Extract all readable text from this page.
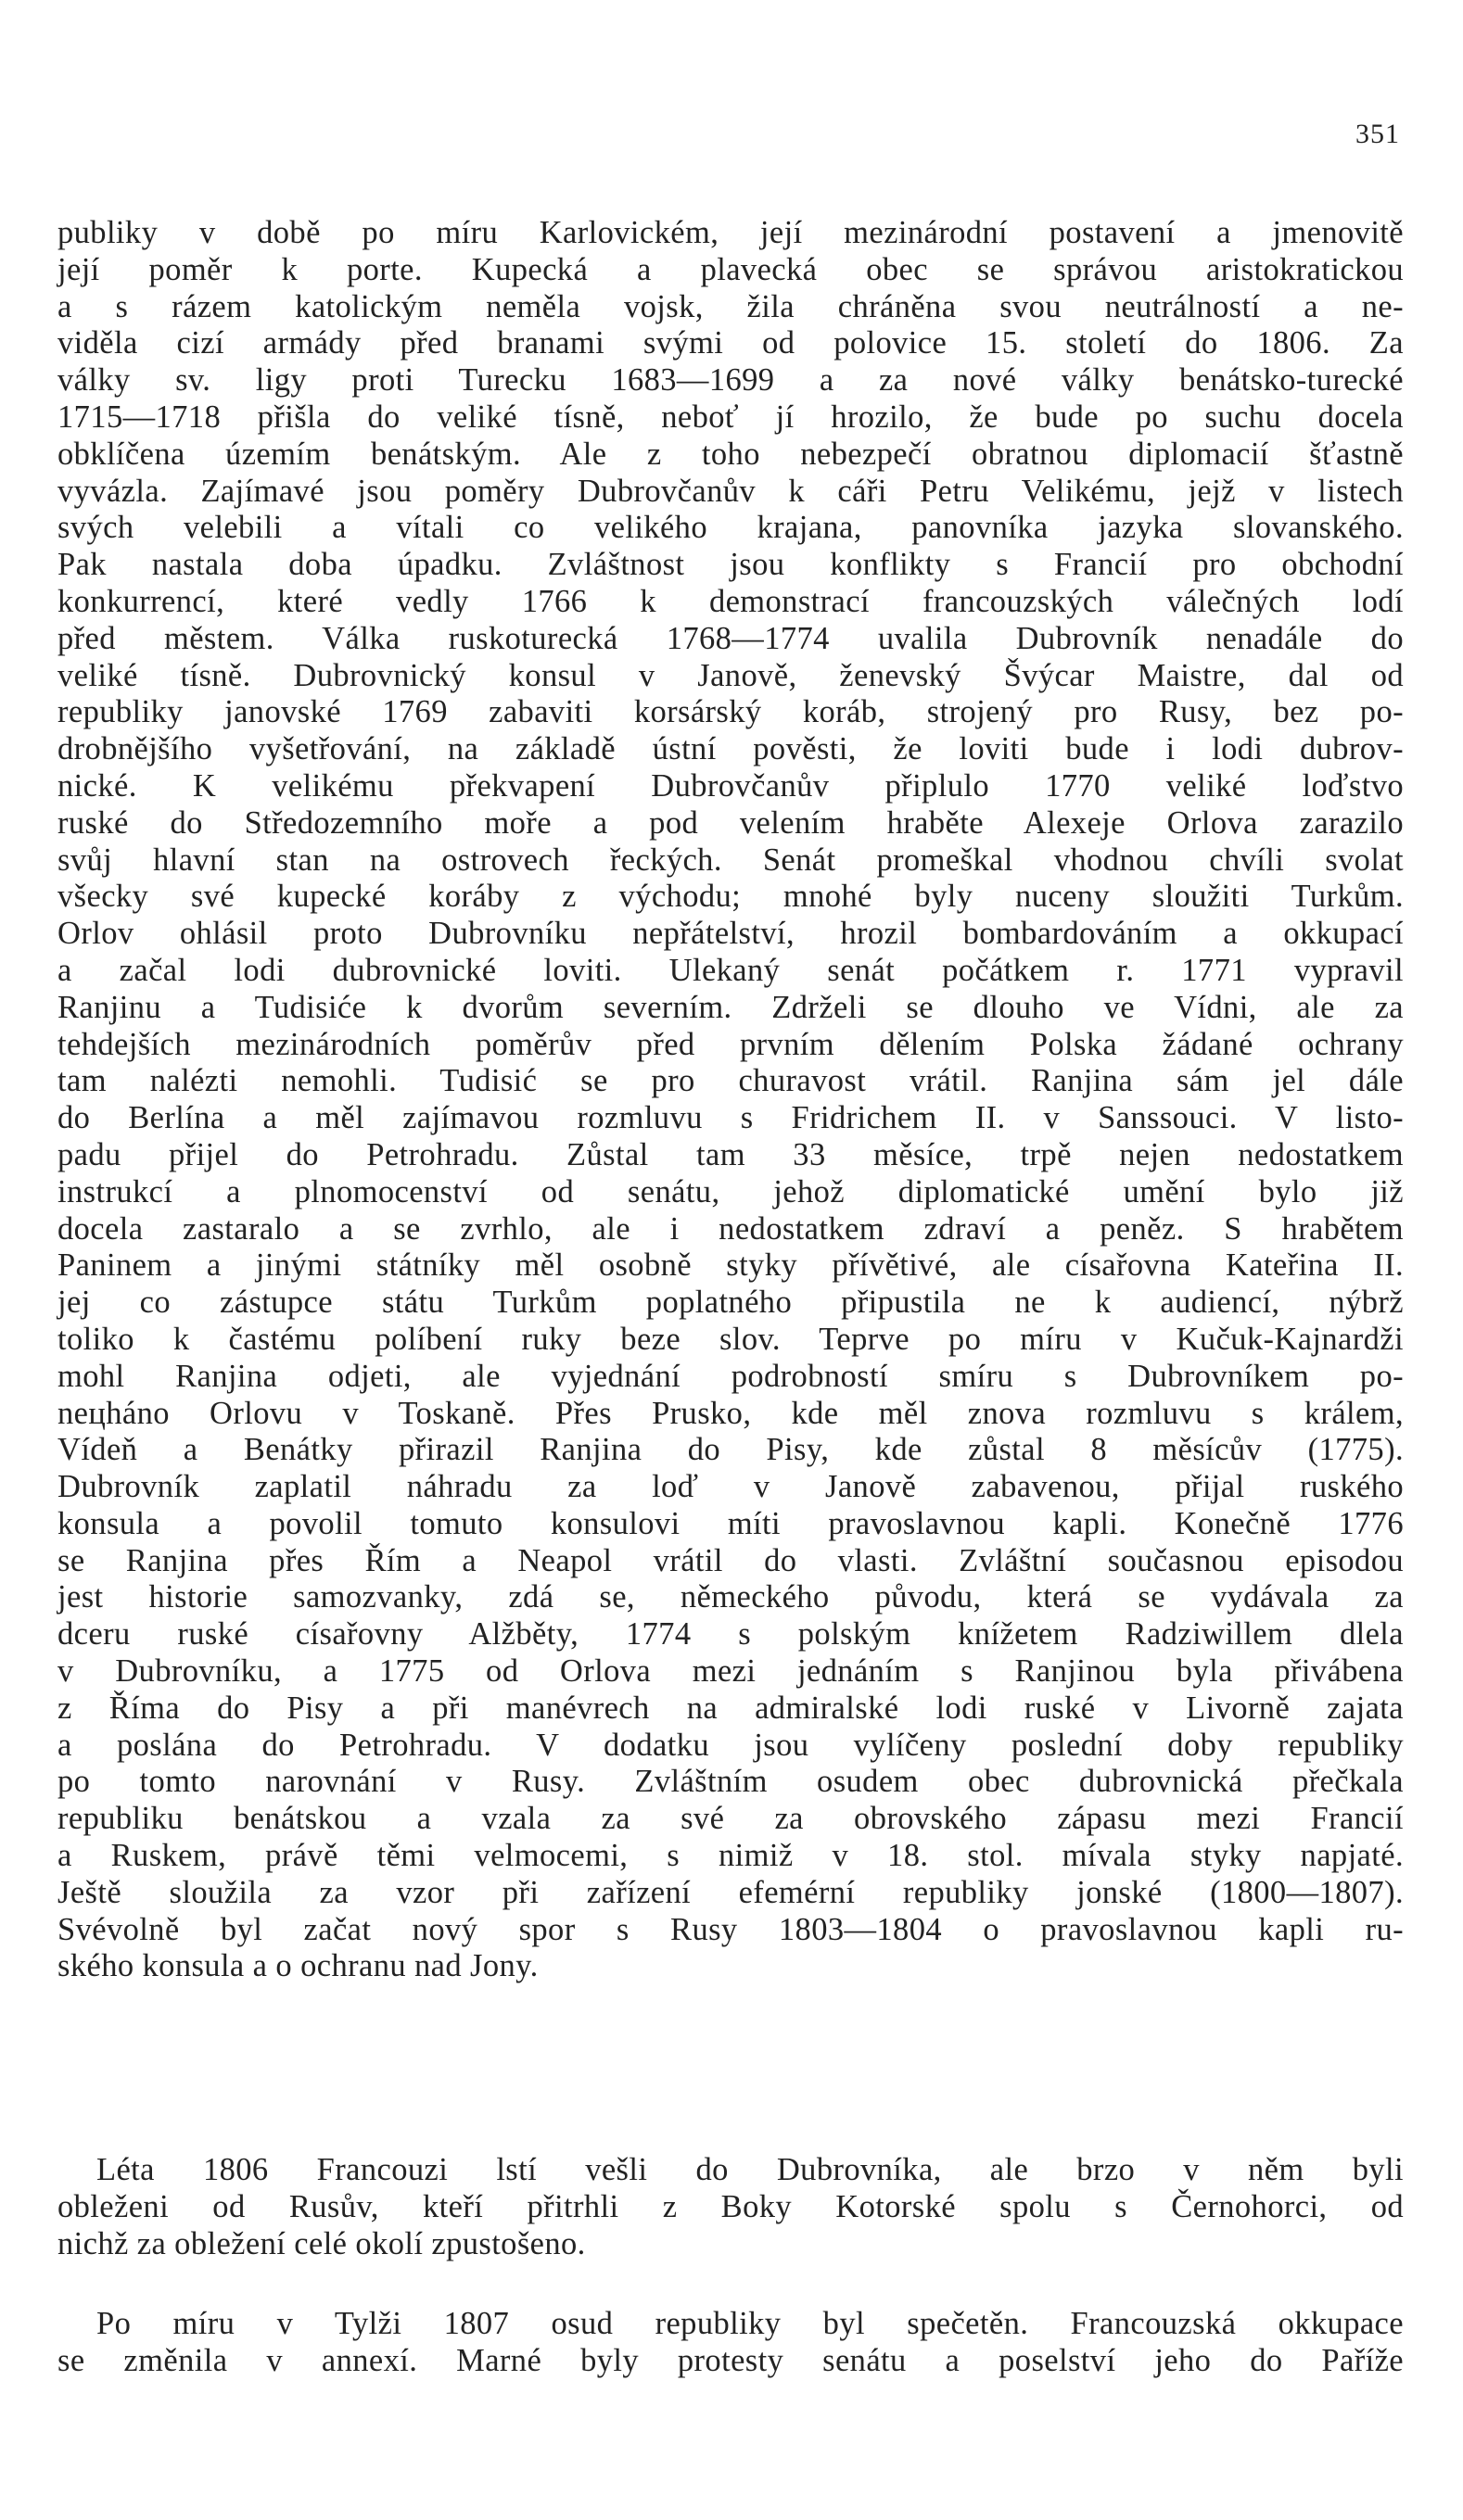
351
publiky v době po míru Karlovickém, její mezinárodní postavení a jmenovitě
její poměr k porte. Kupecká a plavecká obec se správou aristokratickou
a s rázem katolickým neměla vojsk, žila chráněna svou neutrálností a ne-
viděla cizí armády před branami svými od polovice 15. století do 1806. Za
války sv. ligy proti Turecku 1683—1699 a za nové války benátsko-turecké
1715—1718 přišla do veliké tísně, neboť jí hrozilo, že bude po suchu docela
obklíčena územím benátským. Ale z toho nebezpečí obratnou diplomacií šťastně
vyvázla. Zajímavé jsou poměry Dubrovčanův k cáři Petru Velikému, jejž v listech
svých velebili a vítali co velikého krajana, panovníka jazyka slovanského.
Pak nastala doba úpadku. Zvláštnost jsou konflikty s Francií pro obchodní
konkurrencí, které vedly 1766 k demonstrací francouzských válečných lodí
před městem. Válka ruskoturecká 1768—1774 uvalila Dubrovník nenadále do
veliké tísně. Dubrovnický konsul v Janově, ženevský Švýcar Maistre, dal od
republiky janovské 1769 zabaviti korsárský koráb, strojený pro Rusy, bez po-
drobnějšího vyšetřování, na základě ústní pověsti, že loviti bude i lodi dubrov-
nické. K velikému překvapení Dubrovčanův připlulo 1770 veliké loďstvo
ruské do Středozemního moře a pod velením hraběte Alexeje Orlova zarazilo
svůj hlavní stan na ostrovech řeckých. Senát promeškal vhodnou chvíli svolat
všecky své kupecké koráby z východu; mnohé byly nuceny sloužiti Turkům.
Orlov ohlásil proto Dubrovníku nepřátelství, hrozil bombardováním a okkupací
a začal lodi dubrovnické loviti. Ulekaný senát počátkem r. 1771 vypravil
Ranjinu a Tudisiće k dvorům severním. Zdrželi se dlouho ve Vídni, ale za
tehdejších mezinárodních poměrův před prvním dělením Polska žádané ochrany
tam nalézti nemohli. Tudisić se pro churavost vrátil. Ranjina sám jel dále
do Berlína a měl zajímavou rozmluvu s Fridrichem II. v Sanssouci. V listo-
padu přijel do Petrohradu. Zůstal tam 33 měsíce, trpě nejen nedostatkem
instrukcí a plnomocenství od senátu, jehož diplomatické umění bylo již
docela zastaralo a se zvrhlo, ale i nedostatkem zdraví a peněz. S hrabětem
Paninem a jinými státníky měl osobně styky přívětivé, ale císařovna Kateřina II.
jej co zástupce státu Turkům poplatného připustila ne k audiencí, nýbrž
toliko k častému políbení ruky beze slov. Teprve po míru v Kučuk-Kajnardži
mohl Ranjina odjeti, ale vyjednání podrobností smíru s Dubrovníkem po-
nецháno Orlovu v Toskaně. Přes Prusko, kde měl znova rozmluvu s králem,
Vídeň a Benátky přirazil Ranjina do Pisy, kde zůstal 8 měsícův (1775).
Dubrovník zaplatil náhradu za loď v Janově zabavenou, přijal ruského
konsula a povolil tomuto konsulovi míti pravoslavnou kapli. Konečně 1776
se Ranjina přes Řím a Neapol vrátil do vlasti. Zvláštní současnou episodou
jest historie samozvanky, zdá se, německého původu, která se vydávala za
dceru ruské císařovny Alžběty, 1774 s polským knížetem Radziwillem dlela
v Dubrovníku, a 1775 od Orlova mezi jednáním s Ranjinou byla přivábena
z Říma do Pisy a při manévrech na admiralské lodi ruské v Livorně zajata
a poslána do Petrohradu. V dodatku jsou vylíčeny poslední doby republiky
po tomto narovnání v Rusy. Zvláštním osudem obec dubrovnická přečkala
republiku benátskou a vzala za své za obrovského zápasu mezi Francií
a Ruskem, právě těmi velmocemi, s nimiž v 18. stol. mívala styky napjaté.
Ještě sloužila za vzor při zařízení efemérní republiky jonské (1800—1807).
Svévolně byl začat nový spor s Rusy 1803—1804 o pravoslavnou kapli ru-
ského konsula a o ochranu nad Jony.
Léta 1806 Francouzi lstí vešli do Dubrovníka, ale brzo v něm byli
obleženi od Rusův, kteří přitrhli z Boky Kotorské spolu s Černohorci, od
nichž za obležení celé okolí zpustošeno.
Po míru v Tylži 1807 osud republiky byl spečetěn. Francouzská okkupace
se změnila v annexí. Marné byly protesty senátu a poselství jeho do Paříže
